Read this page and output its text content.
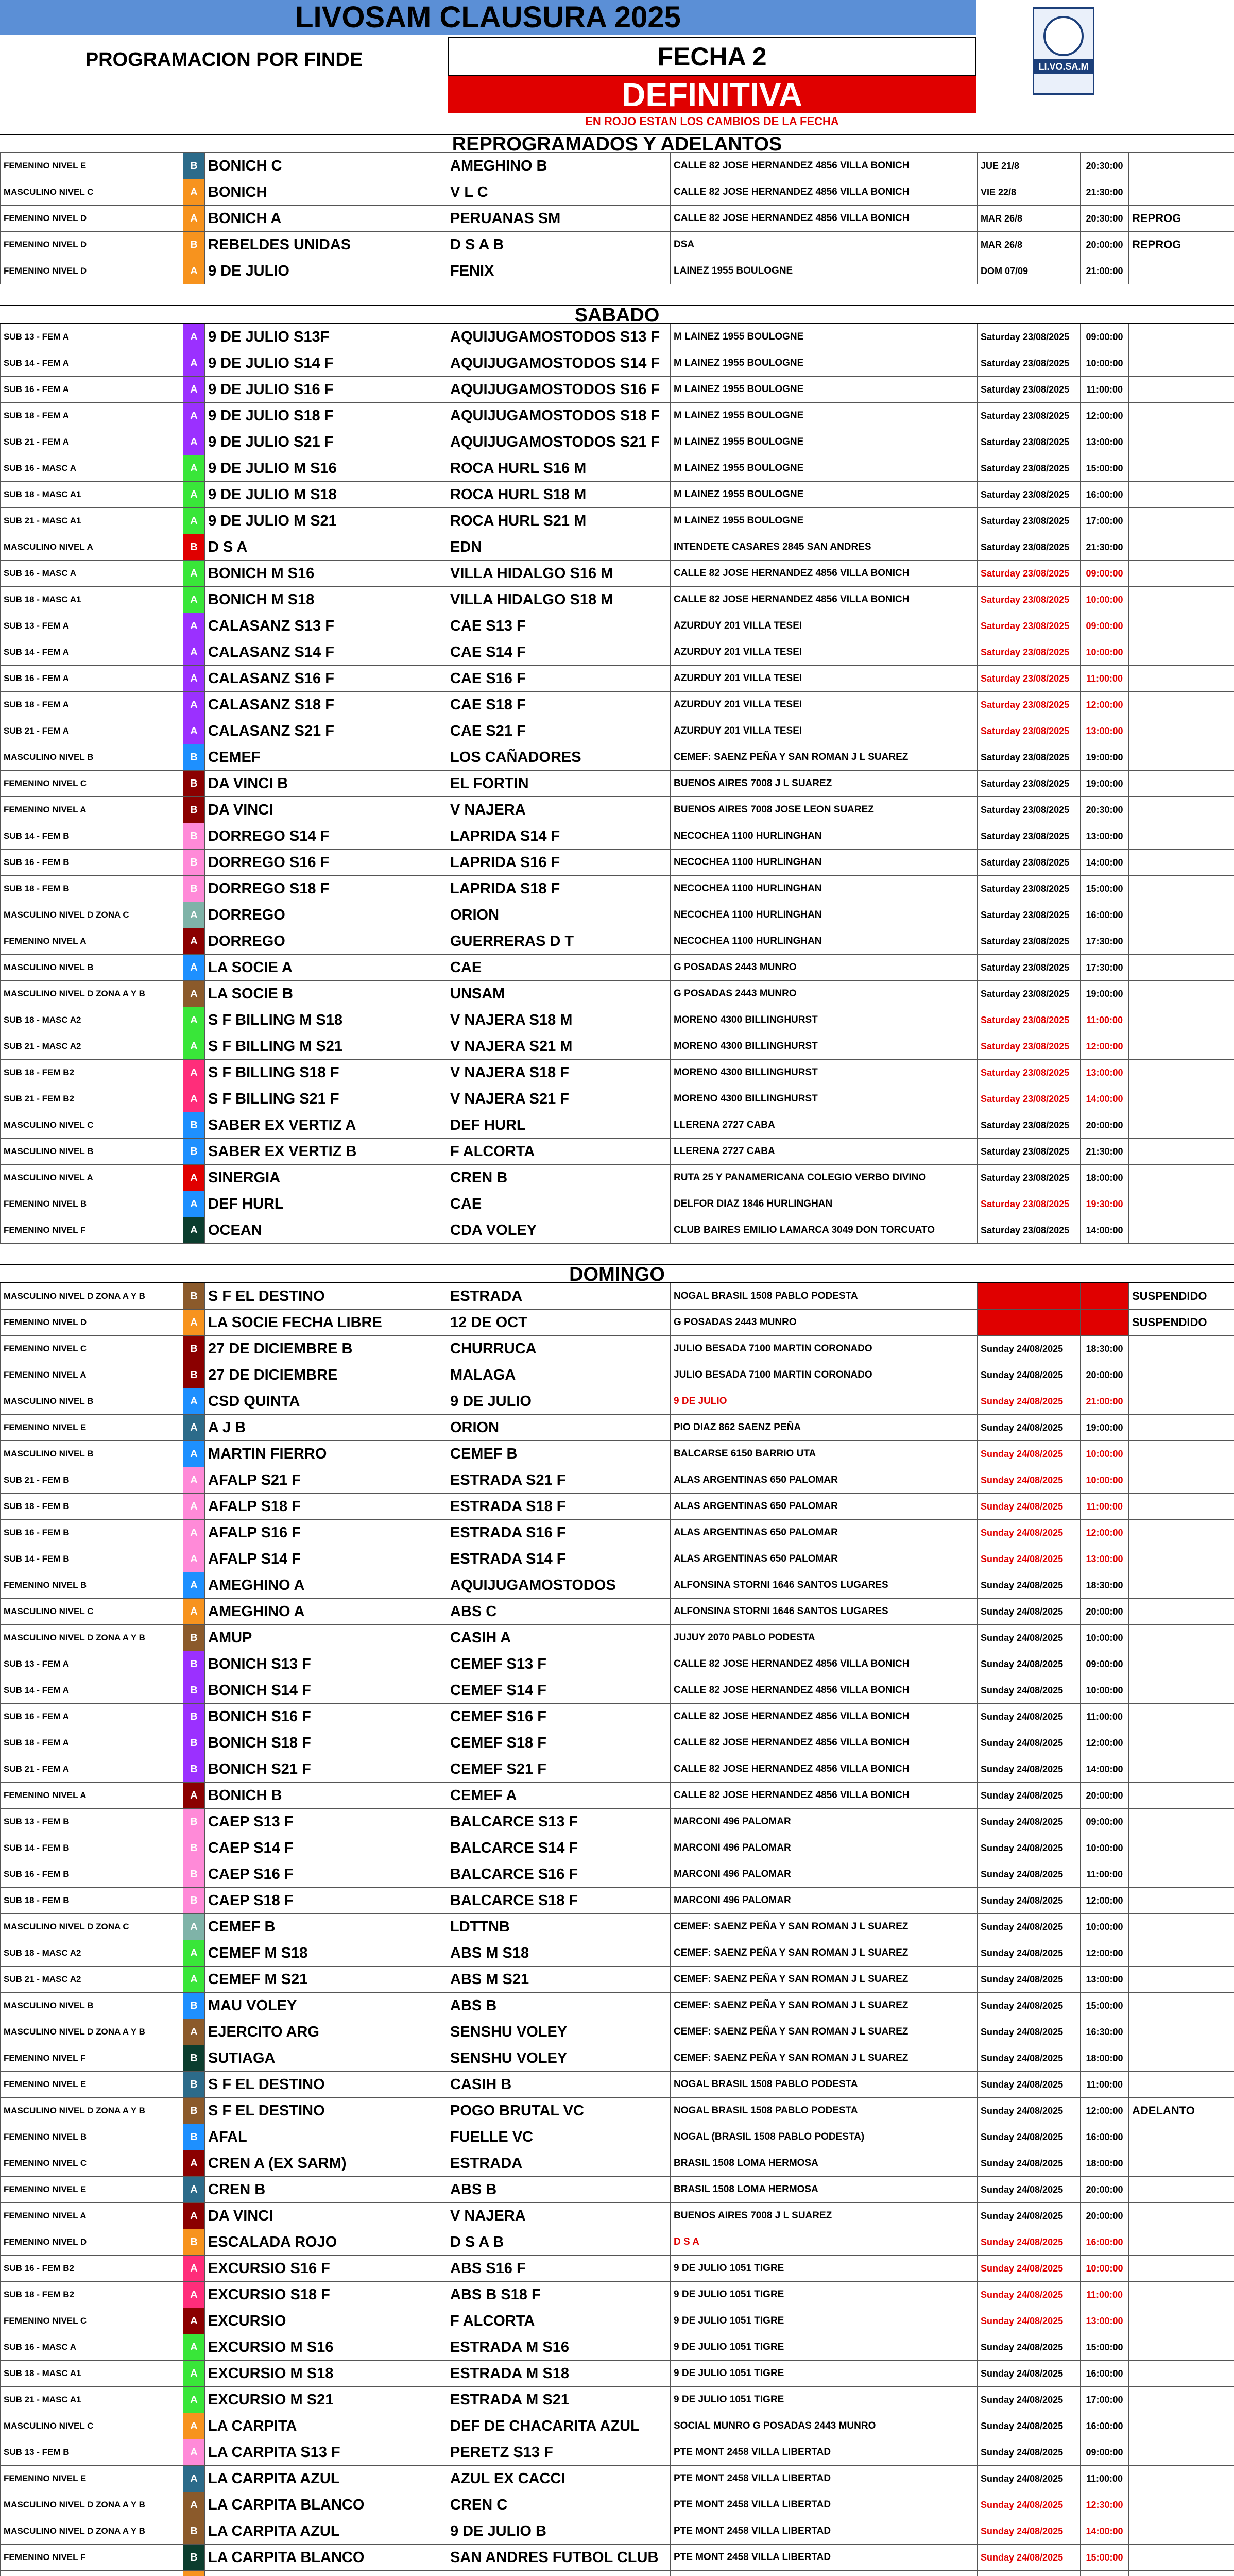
LIVOSAM CLAUSURA 2025
PROGRAMACION POR FINDE	FECHA 2
DEFINITIVA
EN ROJO ESTAN LOS CAMBIOS DE LA FECHA
LI.VO.SA.M
REPROGRAMADOS Y ADELANTOS
FEMENINO NIVEL E	B	BONICH C	AMEGHINO B	CALLE 82 JOSE HERNANDEZ 4856 VILLA BONICH	JUE 21/8	20:30:00	
MASCULINO NIVEL C	A	BONICH	V L C	CALLE 82 JOSE HERNANDEZ 4856 VILLA BONICH	VIE 22/8	21:30:00	
FEMENINO NIVEL D	A	BONICH A	PERUANAS SM	CALLE 82 JOSE HERNANDEZ 4856 VILLA BONICH	MAR 26/8	20:30:00	REPROG
FEMENINO NIVEL D	B	REBELDES UNIDAS	D S A B	DSA	MAR 26/8	20:00:00	REPROG
FEMENINO NIVEL D	A	9 DE JULIO	FENIX	LAINEZ 1955 BOULOGNE	DOM 07/09	21:00:00	
SABADO
SUB 13 - FEM A	A	9 DE JULIO S13F	AQUIJUGAMOSTODOS S13 F	M LAINEZ 1955 BOULOGNE	Saturday 23/08/2025	09:00:00	
SUB 14 - FEM A	A	9 DE JULIO S14 F	AQUIJUGAMOSTODOS S14 F	M LAINEZ 1955 BOULOGNE	Saturday 23/08/2025	10:00:00	
SUB 16 - FEM A	A	9 DE JULIO S16 F	AQUIJUGAMOSTODOS S16 F	M LAINEZ 1955 BOULOGNE	Saturday 23/08/2025	11:00:00	
SUB 18 - FEM A	A	9 DE JULIO S18 F	AQUIJUGAMOSTODOS S18 F	M LAINEZ 1955 BOULOGNE	Saturday 23/08/2025	12:00:00	
SUB 21 - FEM A	A	9 DE JULIO S21 F	AQUIJUGAMOSTODOS S21 F	M LAINEZ 1955 BOULOGNE	Saturday 23/08/2025	13:00:00	
SUB 16 - MASC A	A	9 DE JULIO M S16	ROCA HURL S16 M	M LAINEZ 1955 BOULOGNE	Saturday 23/08/2025	15:00:00	
SUB 18 - MASC A1	A	9 DE JULIO M S18	ROCA HURL S18 M	M LAINEZ 1955 BOULOGNE	Saturday 23/08/2025	16:00:00	
SUB 21 - MASC A1	A	9 DE JULIO M S21	ROCA HURL S21 M	M LAINEZ 1955 BOULOGNE	Saturday 23/08/2025	17:00:00	
MASCULINO NIVEL A	B	D S A	EDN	INTENDETE CASARES 2845 SAN ANDRES	Saturday 23/08/2025	21:30:00	
SUB 16 - MASC A	A	BONICH M S16	VILLA HIDALGO S16 M	CALLE 82 JOSE HERNANDEZ 4856 VILLA BONICH	Saturday 23/08/2025	09:00:00	
SUB 18 - MASC A1	A	BONICH M S18	VILLA HIDALGO S18 M	CALLE 82 JOSE HERNANDEZ 4856 VILLA BONICH	Saturday 23/08/2025	10:00:00	
SUB 13 - FEM A	A	CALASANZ S13 F	CAE S13 F	AZURDUY 201 VILLA TESEI	Saturday 23/08/2025	09:00:00	
SUB 14 - FEM A	A	CALASANZ S14 F	CAE S14 F	AZURDUY 201 VILLA TESEI	Saturday 23/08/2025	10:00:00	
SUB 16 - FEM A	A	CALASANZ S16 F	CAE S16 F	AZURDUY 201 VILLA TESEI	Saturday 23/08/2025	11:00:00	
SUB 18 - FEM A	A	CALASANZ S18 F	CAE S18 F	AZURDUY 201 VILLA TESEI	Saturday 23/08/2025	12:00:00	
SUB 21 - FEM A	A	CALASANZ S21 F	CAE S21 F	AZURDUY 201 VILLA TESEI	Saturday 23/08/2025	13:00:00	
MASCULINO NIVEL B	B	CEMEF	LOS CAÑADORES	CEMEF: SAENZ PEÑA Y SAN ROMAN J L SUAREZ	Saturday 23/08/2025	19:00:00	
FEMENINO NIVEL C	B	DA VINCI B	EL FORTIN	BUENOS AIRES 7008 J L SUAREZ	Saturday 23/08/2025	19:00:00	
FEMENINO NIVEL A	B	DA VINCI	V NAJERA	BUENOS AIRES 7008 JOSE LEON SUAREZ	Saturday 23/08/2025	20:30:00	
SUB 14 - FEM B	B	DORREGO S14 F	LAPRIDA S14 F	NECOCHEA 1100 HURLINGHAN	Saturday 23/08/2025	13:00:00	
SUB 16 - FEM B	B	DORREGO S16 F	LAPRIDA S16 F	NECOCHEA 1100 HURLINGHAN	Saturday 23/08/2025	14:00:00	
SUB 18 - FEM B	B	DORREGO S18 F	LAPRIDA S18 F	NECOCHEA 1100 HURLINGHAN	Saturday 23/08/2025	15:00:00	
MASCULINO NIVEL D ZONA C	A	DORREGO	ORION	NECOCHEA 1100 HURLINGHAN	Saturday 23/08/2025	16:00:00	
FEMENINO NIVEL A	A	DORREGO	GUERRERAS D T	NECOCHEA 1100 HURLINGHAN	Saturday 23/08/2025	17:30:00	
MASCULINO NIVEL B	A	LA SOCIE A	CAE	G POSADAS 2443 MUNRO	Saturday 23/08/2025	17:30:00	
MASCULINO NIVEL D ZONA A Y B	A	LA SOCIE B	UNSAM	G POSADAS 2443 MUNRO	Saturday 23/08/2025	19:00:00	
SUB 18 - MASC A2	A	S F BILLING M S18	V NAJERA S18 M	MORENO 4300 BILLINGHURST	Saturday 23/08/2025	11:00:00	
SUB 21 - MASC A2	A	S F BILLING M S21	V NAJERA S21 M	MORENO 4300 BILLINGHURST	Saturday 23/08/2025	12:00:00	
SUB 18 - FEM B2	A	S F BILLING S18 F	V NAJERA S18 F	MORENO 4300 BILLINGHURST	Saturday 23/08/2025	13:00:00	
SUB 21 - FEM B2	A	S F BILLING S21 F	V NAJERA S21 F	MORENO 4300 BILLINGHURST	Saturday 23/08/2025	14:00:00	
MASCULINO NIVEL C	B	SABER EX VERTIZ A	DEF HURL	LLERENA 2727 CABA	Saturday 23/08/2025	20:00:00	
MASCULINO NIVEL B	B	SABER EX VERTIZ B	F ALCORTA	LLERENA 2727 CABA	Saturday 23/08/2025	21:30:00	
MASCULINO NIVEL A	A	SINERGIA	CREN B	RUTA 25 Y PANAMERICANA COLEGIO VERBO DIVINO	Saturday 23/08/2025	18:00:00	
FEMENINO NIVEL B	A	DEF HURL	CAE	DELFOR DIAZ 1846 HURLINGHAN	Saturday 23/08/2025	19:30:00	
FEMENINO NIVEL F	A	OCEAN	CDA VOLEY	CLUB BAIRES EMILIO LAMARCA 3049 DON TORCUATO	Saturday 23/08/2025	14:00:00	
DOMINGO
MASCULINO NIVEL D ZONA A Y B	B	S F EL DESTINO	ESTRADA	NOGAL BRASIL 1508 PABLO PODESTA			SUSPENDIDO
FEMENINO NIVEL D	A	LA SOCIE FECHA LIBRE	12 DE OCT	G POSADAS 2443 MUNRO			SUSPENDIDO
FEMENINO NIVEL C	B	27 DE DICIEMBRE B	CHURRUCA	JULIO BESADA 7100 MARTIN CORONADO	Sunday 24/08/2025	18:30:00	
FEMENINO NIVEL A	B	27 DE DICIEMBRE	MALAGA	JULIO BESADA 7100 MARTIN CORONADO	Sunday 24/08/2025	20:00:00	
MASCULINO NIVEL B	A	CSD QUINTA	9 DE JULIO	9 DE JULIO	Sunday 24/08/2025	21:00:00	
FEMENINO NIVEL E	A	A J B	ORION	PIO DIAZ 862 SAENZ PEÑA	Sunday 24/08/2025	19:00:00	
MASCULINO NIVEL B	A	MARTIN FIERRO	CEMEF B	BALCARSE 6150 BARRIO UTA	Sunday 24/08/2025	10:00:00	
SUB 21 - FEM B	A	AFALP S21 F	ESTRADA S21 F	ALAS ARGENTINAS 650 PALOMAR	Sunday 24/08/2025	10:00:00	
SUB 18 - FEM B	A	AFALP S18 F	ESTRADA S18 F	ALAS ARGENTINAS 650 PALOMAR	Sunday 24/08/2025	11:00:00	
SUB 16 - FEM B	A	AFALP S16 F	ESTRADA S16 F	ALAS ARGENTINAS 650 PALOMAR	Sunday 24/08/2025	12:00:00	
SUB 14 - FEM B	A	AFALP S14 F	ESTRADA S14 F	ALAS ARGENTINAS 650 PALOMAR	Sunday 24/08/2025	13:00:00	
FEMENINO NIVEL B	A	AMEGHINO A	AQUIJUGAMOSTODOS	ALFONSINA STORNI 1646 SANTOS LUGARES	Sunday 24/08/2025	18:30:00	
MASCULINO NIVEL C	A	AMEGHINO A	ABS C	ALFONSINA STORNI 1646 SANTOS LUGARES	Sunday 24/08/2025	20:00:00	
MASCULINO NIVEL D ZONA A Y B	B	AMUP	CASIH A	JUJUY 2070 PABLO PODESTA	Sunday 24/08/2025	10:00:00	
SUB 13 - FEM A	B	BONICH S13 F	CEMEF S13 F	CALLE 82 JOSE HERNANDEZ 4856 VILLA BONICH	Sunday 24/08/2025	09:00:00	
SUB 14 - FEM A	B	BONICH S14 F	CEMEF S14 F	CALLE 82 JOSE HERNANDEZ 4856 VILLA BONICH	Sunday 24/08/2025	10:00:00	
SUB 16 - FEM A	B	BONICH S16 F	CEMEF S16 F	CALLE 82 JOSE HERNANDEZ 4856 VILLA BONICH	Sunday 24/08/2025	11:00:00	
SUB 18 - FEM A	B	BONICH S18 F	CEMEF S18 F	CALLE 82 JOSE HERNANDEZ 4856 VILLA BONICH	Sunday 24/08/2025	12:00:00	
SUB 21 - FEM A	B	BONICH S21 F	CEMEF S21 F	CALLE 82 JOSE HERNANDEZ 4856 VILLA BONICH	Sunday 24/08/2025	14:00:00	
FEMENINO NIVEL A	A	BONICH B	CEMEF A	CALLE 82 JOSE HERNANDEZ 4856 VILLA BONICH	Sunday 24/08/2025	20:00:00	
SUB 13 - FEM B	B	CAEP S13 F	BALCARCE S13 F	MARCONI 496 PALOMAR	Sunday 24/08/2025	09:00:00	
SUB 14 - FEM B	B	CAEP S14 F	BALCARCE S14 F	MARCONI 496 PALOMAR	Sunday 24/08/2025	10:00:00	
SUB 16 - FEM B	B	CAEP S16 F	BALCARCE S16 F	MARCONI 496 PALOMAR	Sunday 24/08/2025	11:00:00	
SUB 18 - FEM B	B	CAEP S18 F	BALCARCE S18 F	MARCONI 496 PALOMAR	Sunday 24/08/2025	12:00:00	
MASCULINO NIVEL D ZONA C	A	CEMEF B	LDTTNB	CEMEF: SAENZ PEÑA Y SAN ROMAN J L SUAREZ	Sunday 24/08/2025	10:00:00	
SUB 18 - MASC A2	A	CEMEF M S18	ABS M S18	CEMEF: SAENZ PEÑA Y SAN ROMAN J L SUAREZ	Sunday 24/08/2025	12:00:00	
SUB 21 - MASC A2	A	CEMEF M S21	ABS M S21	CEMEF: SAENZ PEÑA Y SAN ROMAN J L SUAREZ	Sunday 24/08/2025	13:00:00	
MASCULINO NIVEL B	B	MAU VOLEY	ABS B	CEMEF: SAENZ PEÑA Y SAN ROMAN J L SUAREZ	Sunday 24/08/2025	15:00:00	
MASCULINO NIVEL D ZONA A Y B	A	EJERCITO ARG	SENSHU VOLEY	CEMEF: SAENZ PEÑA Y SAN ROMAN J L SUAREZ	Sunday 24/08/2025	16:30:00	
FEMENINO NIVEL F	B	SUTIAGA	SENSHU VOLEY	CEMEF: SAENZ PEÑA Y SAN ROMAN J L SUAREZ	Sunday 24/08/2025	18:00:00	
FEMENINO NIVEL E	B	S F EL DESTINO	CASIH B	NOGAL BRASIL 1508 PABLO PODESTA	Sunday 24/08/2025	11:00:00	
MASCULINO NIVEL D ZONA A Y B	B	S F EL DESTINO	POGO BRUTAL VC	NOGAL BRASIL 1508 PABLO PODESTA	Sunday 24/08/2025	12:00:00	ADELANTO
FEMENINO NIVEL B	B	AFAL	FUELLE VC	NOGAL (BRASIL 1508 PABLO PODESTA)	Sunday 24/08/2025	16:00:00	
FEMENINO NIVEL C	A	CREN A (EX SARM)	ESTRADA	BRASIL 1508 LOMA HERMOSA	Sunday 24/08/2025	18:00:00	
FEMENINO NIVEL E	A	CREN B	ABS B	BRASIL 1508 LOMA HERMOSA	Sunday 24/08/2025	20:00:00	
FEMENINO NIVEL A	A	DA VINCI	V NAJERA	BUENOS AIRES 7008 J L SUAREZ	Sunday 24/08/2025	20:00:00	
FEMENINO NIVEL D	B	ESCALADA ROJO	D S A B	D S A	Sunday 24/08/2025	16:00:00	
SUB 16 - FEM B2	A	EXCURSIO S16 F	ABS S16 F	9 DE JULIO 1051 TIGRE	Sunday 24/08/2025	10:00:00	
SUB 18 - FEM B2	A	EXCURSIO S18 F	ABS B S18 F	9 DE JULIO 1051 TIGRE	Sunday 24/08/2025	11:00:00	
FEMENINO NIVEL C	A	EXCURSIO	F ALCORTA	9 DE JULIO 1051 TIGRE	Sunday 24/08/2025	13:00:00	
SUB 16 - MASC A	A	EXCURSIO M S16	ESTRADA M S16	9 DE JULIO 1051 TIGRE	Sunday 24/08/2025	15:00:00	
SUB 18 - MASC A1	A	EXCURSIO M S18	ESTRADA M S18	9 DE JULIO 1051 TIGRE	Sunday 24/08/2025	16:00:00	
SUB 21 - MASC A1	A	EXCURSIO M S21	ESTRADA M S21	9 DE JULIO 1051 TIGRE	Sunday 24/08/2025	17:00:00	
MASCULINO NIVEL C	A	LA CARPITA	DEF DE CHACARITA AZUL	SOCIAL MUNRO G POSADAS 2443 MUNRO	Sunday 24/08/2025	16:00:00	
SUB 13 - FEM B	A	LA CARPITA S13 F	PERETZ S13 F	PTE MONT 2458 VILLA LIBERTAD	Sunday 24/08/2025	09:00:00	
FEMENINO NIVEL E	A	LA CARPITA AZUL	AZUL EX CACCI	PTE MONT 2458 VILLA LIBERTAD	Sunday 24/08/2025	11:00:00	
MASCULINO NIVEL D ZONA A Y B	A	LA CARPITA BLANCO	CREN C	PTE MONT 2458 VILLA LIBERTAD	Sunday 24/08/2025	12:30:00	
MASCULINO NIVEL D ZONA A Y B	B	LA CARPITA AZUL	9 DE JULIO B	PTE MONT 2458 VILLA LIBERTAD	Sunday 24/08/2025	14:00:00	
FEMENINO NIVEL F	B	LA CARPITA BLANCO	SAN ANDRES FUTBOL CLUB	PTE MONT 2458 VILLA LIBERTAD	Sunday 24/08/2025	15:00:00	
